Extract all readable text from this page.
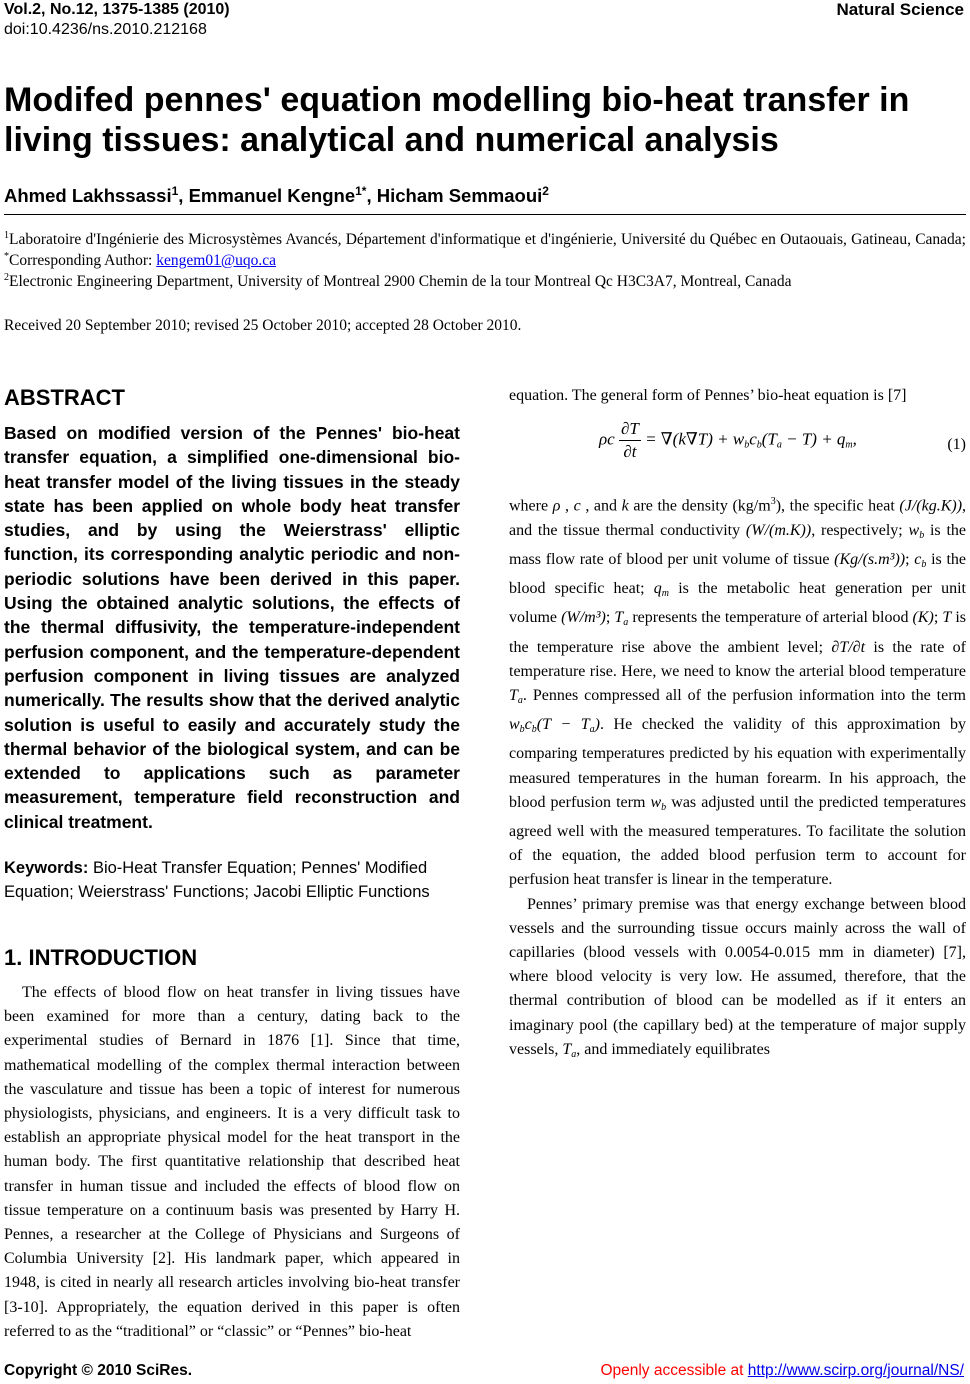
Vol.2, No.12, 1375-1385 (2010)
doi:10.4236/ns.2010.212168
Natural Science
Modifed pennes' equation modelling bio-heat transfer in living tissues: analytical and numerical analysis
Ahmed Lakhssassi$^1$, Emmanuel Kengne$^{1*}$, Hicham Semmaoui$^2$

$^1$Laboratoire d'Ingénierie des Microsystèmes Avancés, Département d'informatique et d'ingénierie, Université du Québec en Outaouais, Gatineau, Canada; *Corresponding Author: kengem01@uqo.ca

$^2$Electronic Engineering Department, University of Montreal 2900 Chemin de la tour Montreal Qc H3C3A7, Montreal, Canada

Received 20 September 2010; revised 25 October 2010; accepted 28 October 2010.
ABSTRACT

Based on modified version of the Pennes' bio-heat transfer equation, a simplified one-dimensional bio-heat transfer model of the living tissues in the steady state has been applied on whole body heat transfer studies, and by using the Weierstrass' elliptic function, its corresponding analytic periodic and non-periodic solutions have been derived in this paper. Using the obtained analytic solutions, the effects of the thermal diffusivity, the temperature-independent perfusion component, and the temperature-dependent perfusion component in living tissues are analyzed numerically. The results show that the derived analytic solution is useful to easily and accurately study the thermal behavior of the biological system, and can be extended to applications such as parameter measurement, temperature field reconstruction and clinical treatment.

Keywords: Bio-Heat Transfer Equation; Pennes' Modified Equation; Weierstrass' Functions; Jacobi Elliptic Functions

1. INTRODUCTION

The effects of blood flow on heat transfer in living tissues have been examined for more than a century, dating back to the experimental studies of Bernard in 1876 [1]. Since that time, mathematical modelling of the complex thermal interaction between the vasculature and tissue has been a topic of interest for numerous physiologists, physicians, and engineers. It is a very difficult task to establish an appropriate physical model for the heat transport in the human body. The first quantitative relationship that described heat transfer in human tissue and included the effects of blood flow on tissue temperature on a continuum basis was presented by Harry H. Pennes, a researcher at the College of Physicians and Surgeons of Columbia University [2]. His landmark paper, which appeared in 1948, is cited in nearly all research articles involving bio-heat transfer [3-10]. Appropriately, the equation derived in this paper is often referred to as the “traditional” or “classic” or “Pennes” bio-heat

equation. The general form of Pennes’ bio-heat equation is [7]

ρc $\frac{\partial T}{\partial t} = \nabla(k\nabla T)$ + wbcb(Ta − T) + qm,	(1)

where ρ , c , and k are the density $(kg/m^3)$, the specific heat (J/(kg.K)), and the tissue thermal conductivity (W/(m.K)), respectively; wb is the mass flow rate of blood per unit volume of tissue (Kg/(s.m³)); cb is the blood specific heat; qm is the metabolic heat generation per unit volume (W/m³); Ta represents the temperature of arterial blood (K); T is the temperature rise above the ambient level; ∂T/∂t is the rate of temperature rise. Here, we need to know the arterial blood temperature Ta. Pennes compressed all of the perfusion information into the term wbcb(T − Ta). He checked the validity of this approximation by comparing temperatures predicted by his equation with experimentally measured temperatures in the human forearm. In his approach, the blood perfusion term wb was adjusted until the predicted temperatures agreed well with the measured temperatures. To facilitate the solution of the equation, the added blood perfusion term to account for perfusion heat transfer is linear in the temperature.

Pennes’ primary premise was that energy exchange between blood vessels and the surrounding tissue occurs mainly across the wall of capillaries (blood vessels with 0.0054-0.015 mm in diameter) [7], where blood velocity is very low. He assumed, therefore, that the thermal contribution of blood can be modelled as if it enters an imaginary pool (the capillary bed) at the temperature of major supply vessels, Ta, and immediately equilibrates

Copyright © 2010 SciRes.	Openly accessible at http://www.scirp.org/journal/NS/
